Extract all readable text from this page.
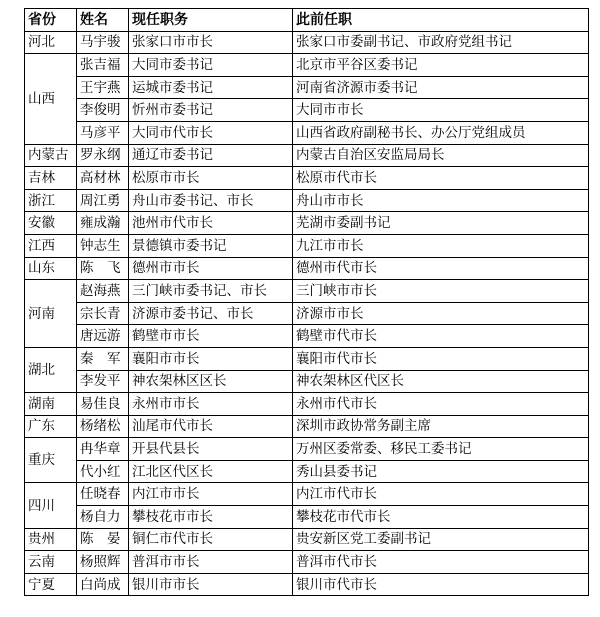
省份	姓名	现任职务	此前任职
河北	马宇骏	张家口市市长	张家口市委副书记、市政府党组书记
山西	张吉福	大同市委书记	北京市平谷区委书记
	王宇燕	运城市委书记	河南省济源市委书记
	李俊明	忻州市委书记	大同市市长
	马彦平	大同市代市长	山西省政府副秘书长、办公厅党组成员
内蒙古	罗永纲	通辽市委书记	内蒙古自治区安监局局长
吉林	高材林	松原市市长	松原市代市长
浙江	周江勇	舟山市委书记、市长	舟山市市长
安徽	雍成瀚	池州市代市长	芜湖市委副书记
江西	钟志生	景德镇市委书记	九江市市长
山东	陈　飞	德州市市长	德州市代市长
河南	赵海燕	三门峡市委书记、市长	三门峡市市长
	宗长青	济源市委书记、市长	济源市市长
	唐远游	鹤壁市市长	鹤壁市代市长
湖北	秦　军	襄阳市市长	襄阳市代市长
	李发平	神农架林区区长	神农架林区代区长
湖南	易佳良	永州市市长	永州市代市长
广东	杨绪松	汕尾市代市长	深圳市政协常务副主席
重庆	冉华章	开县代县长	万州区委常委、移民工委书记
	代小红	江北区代区长	秀山县委书记
四川	任晓春	内江市市长	内江市代市长
	杨自力	攀枝花市市长	攀枝花市代市长
贵州	陈　晏	铜仁市代市长	贵安新区党工委副书记
云南	杨照辉	普洱市市长	普洱市代市长
宁夏	白尚成	银川市市长	银川市代市长
